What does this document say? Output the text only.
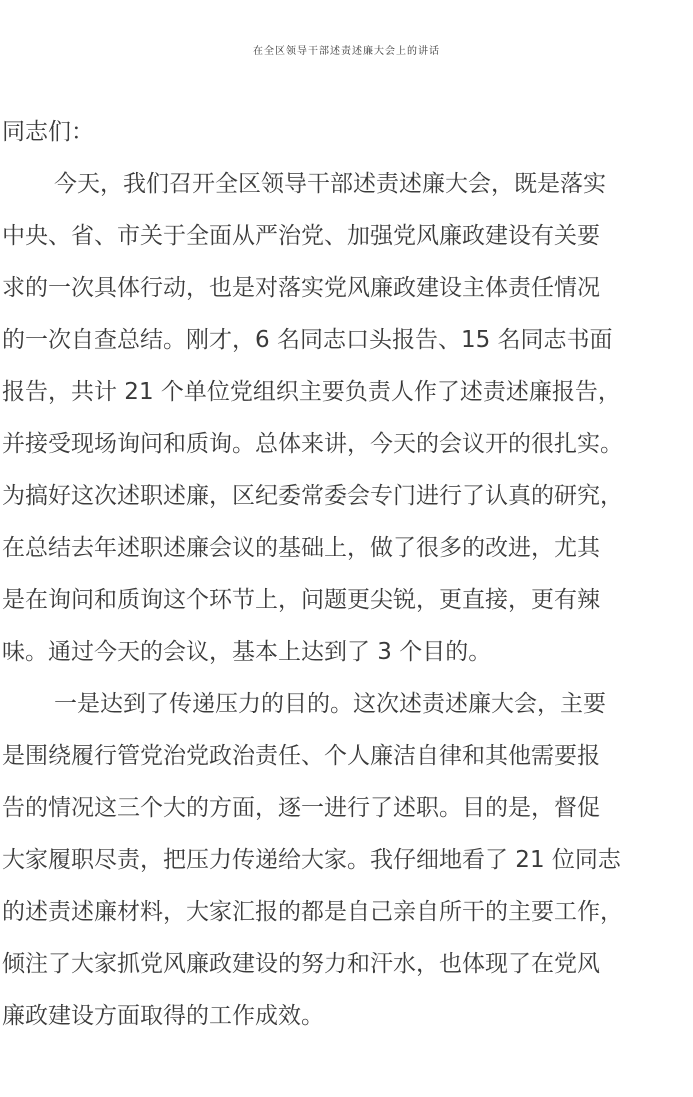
在全区领导干部述责述廉大会上的讲话
同志们：
今天，我们召开全区领导干部述责述廉大会，既是落实
中央、省、市关于全面从严治党、加强党风廉政建设有关要
求的一次具体行动，也是对落实党风廉政建设主体责任情况
的一次自查总结。刚才，6 名同志口头报告、15 名同志书面
报告，共计 21 个单位党组织主要负责人作了述责述廉报告，
并接受现场询问和质询。总体来讲，今天的会议开的很扎实。
为搞好这次述职述廉，区纪委常委会专门进行了认真的研究，
在总结去年述职述廉会议的基础上，做了很多的改进，尤其
是在询问和质询这个环节上，问题更尖锐，更直接，更有辣
味。通过今天的会议，基本上达到了 3 个目的。
一是达到了传递压力的目的。这次述责述廉大会，主要
是围绕履行管党治党政治责任、个人廉洁自律和其他需要报
告的情况这三个大的方面，逐一进行了述职。目的是，督促
大家履职尽责，把压力传递给大家。我仔细地看了 21 位同志
的述责述廉材料，大家汇报的都是自己亲自所干的主要工作，
倾注了大家抓党风廉政建设的努力和汗水，也体现了在党风
廉政建设方面取得的工作成效。
